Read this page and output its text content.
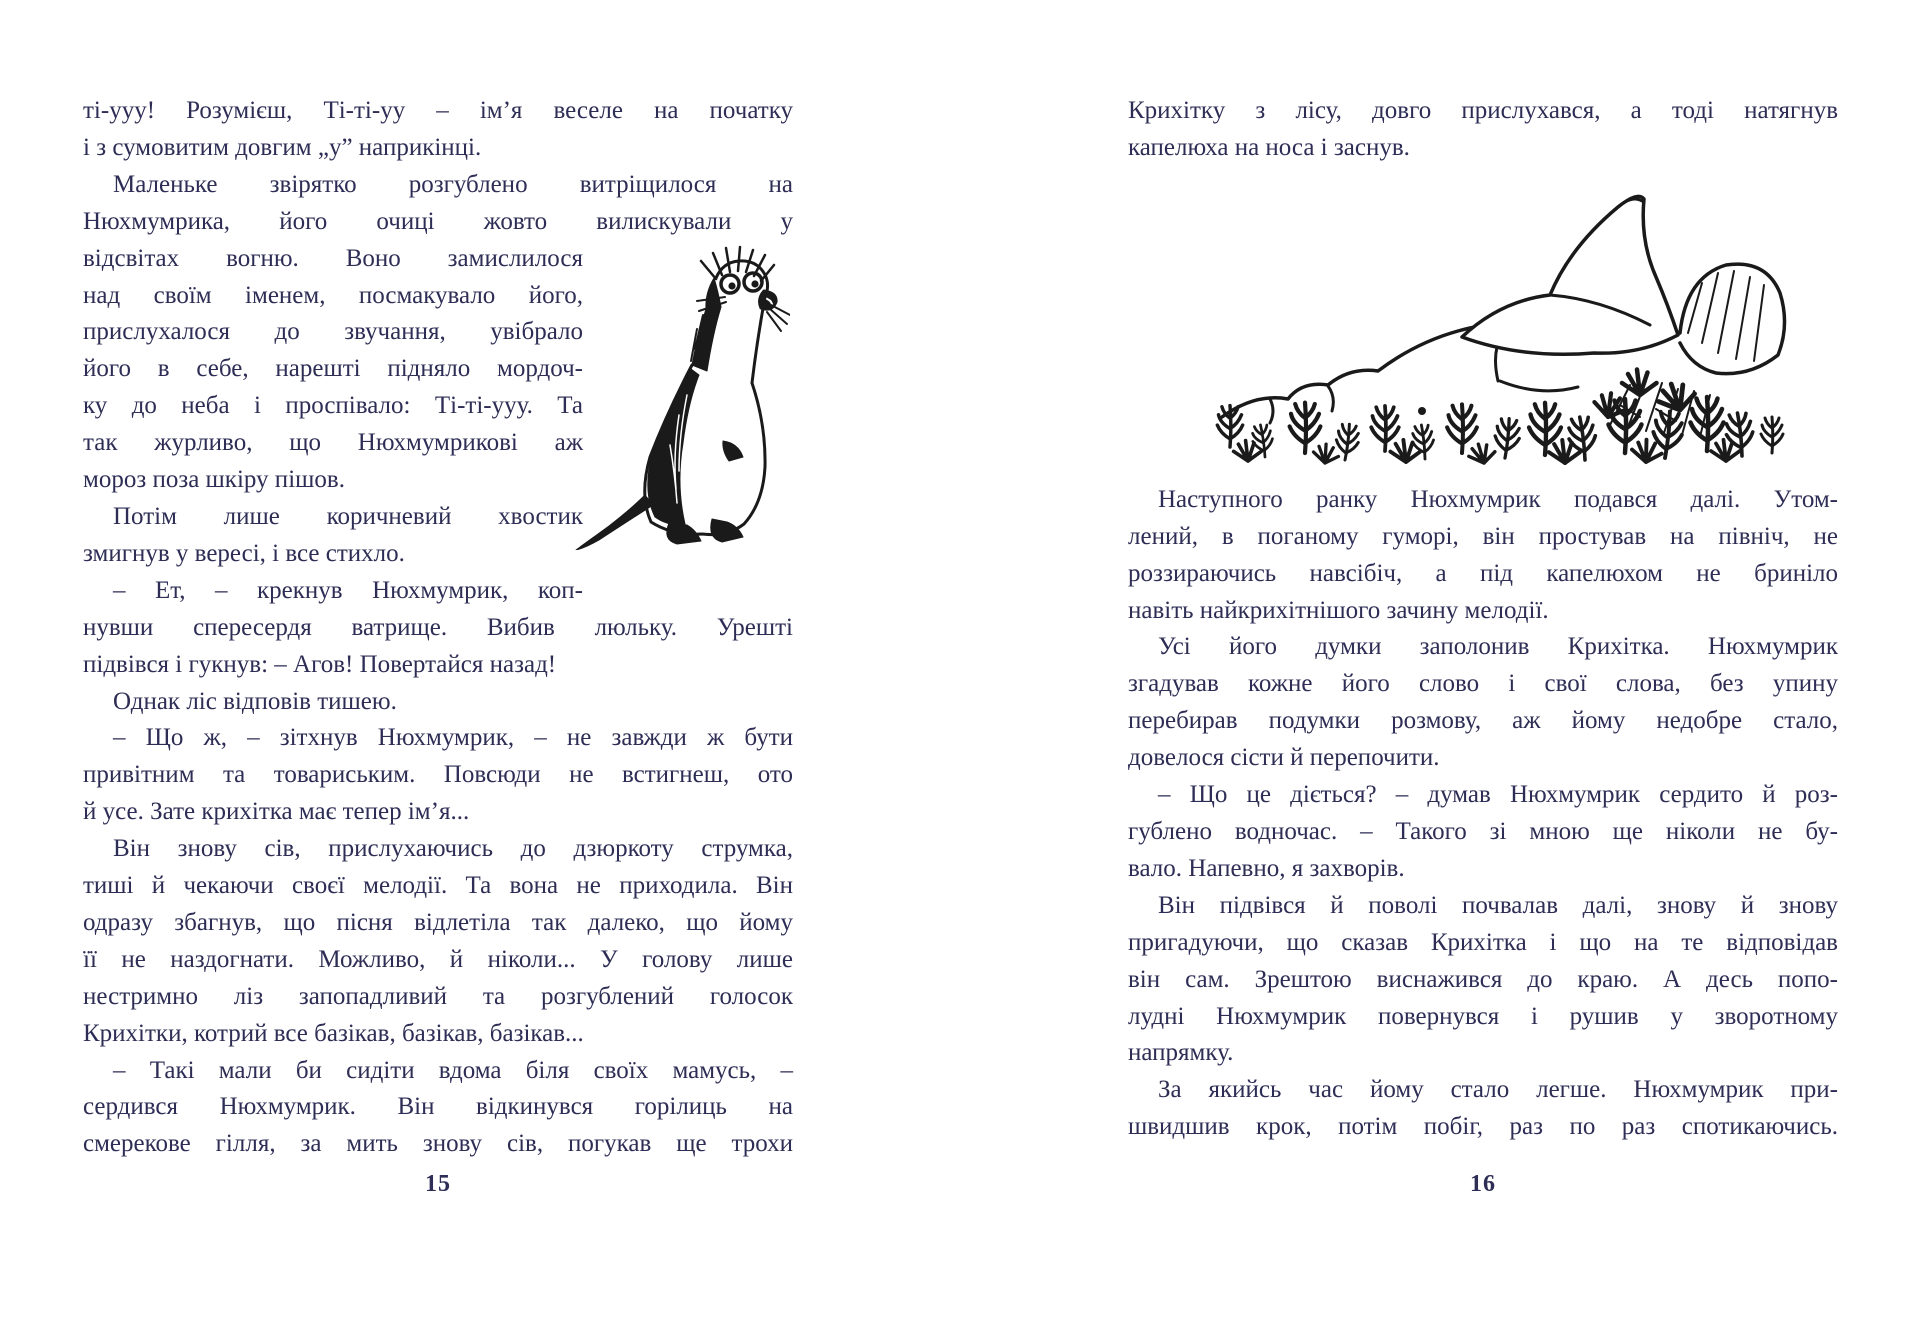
ті-ууу! Розумієш, Ті-ті-уу – ім’я веселе на початку
і з сумовитим довгим „у” наприкінці.
Маленьке звірятко розгублено витріщилося на
Нюхмумрика, його очиці жовто вилискували у
відсвітах вогню. Воно замислилося
над своїм іменем, посмакувало його,
прислухалося до звучання, увібрало
його в себе, нарешті підняло мордоч-
ку до неба і проспівало: Ті-ті-ууу. Та
так журливо, що Нюхмумрикові аж
мороз поза шкіру пішов.
Потім лише коричневий хвостик
змигнув у вересі, і все стихло.
– Ет, – крекнув Нюхмумрик, коп-
нувши спересердя ватрище. Вибив люльку. Урешті
підвівся і гукнув: – Агов! Повертайся назад!
Однак ліс відповів тишею.
– Що ж, – зітхнув Нюхмумрик, – не завжди ж бути
привітним та товариським. Повсюди не встигнеш, ото
й усе. Зате крихітка має тепер ім’я...
Він знову сів, прислухаючись до дзюркоту струмка,
тиші й чекаючи своєї мелодії. Та вона не приходила. Він
одразу збагнув, що пісня відлетіла так далеко, що йому
її не наздогнати. Можливо, й ніколи... У голову лише
нестримно ліз запопадливий та розгублений голосок
Крихітки, котрий все базікав, базікав, базікав...
– Такі мали би сидіти вдома біля своїх мамусь, –
сердився Нюхмумрик. Він відкинувся горілиць на
смерекове гілля, за мить знову сів, погукав ще трохи
15
Крихітку з лісу, довго прислухався, а тоді натягнув
капелюха на носа і заснув.
Наступного ранку Нюхмумрик подався далі. Утом-
лений, в поганому гуморі, він простував на північ, не
роззираючись навсібіч, а під капелюхом не бриніло
навіть найкрихітнішого зачину мелодії.
Усі його думки заполонив Крихітка. Нюхмумрик
згадував кожне його слово і свої слова, без упину
перебирав подумки розмову, аж йому недобре стало,
довелося сісти й перепочити.
– Що це діється? – думав Нюхмумрик сердито й роз-
гублено водночас. – Такого зі мною ще ніколи не бу-
вало. Напевно, я захворів.
Він підвівся й поволі почвалав далі, знову й знову
пригадуючи, що сказав Крихітка і що на те відповідав
він сам. Зрештою виснажився до краю. А десь попо-
лудні Нюхмумрик повернувся і рушив у зворотному
напрямку.
За якийсь час йому стало легше. Нюхмумрик при-
швидшив крок, потім побіг, раз по раз спотикаючись.
16
